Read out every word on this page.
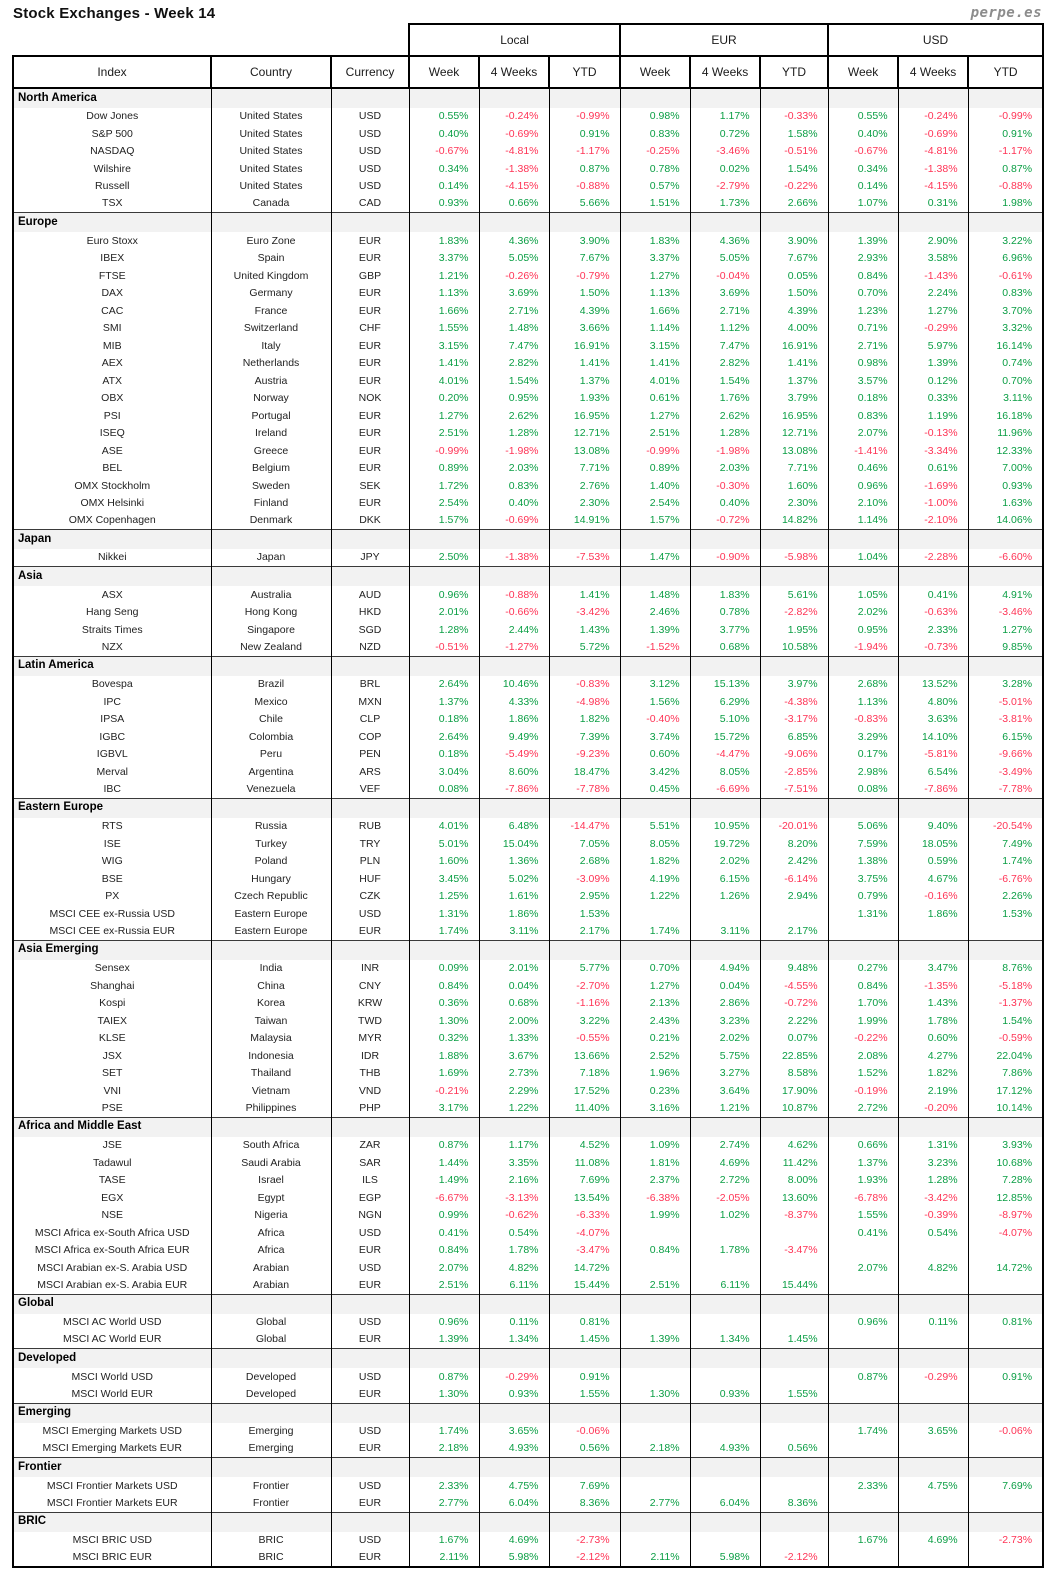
Stock Exchanges - Week 14	perpe.es
			Local			EUR			USD		
Index	Country	Currency	Week	4 Weeks	YTD	Week	4 Weeks	YTD	Week	4 Weeks	YTD
North America											
Dow Jones	United States	USD	0.55%	-0.24%	-0.99%	0.98%	1.17%	-0.33%	0.55%	-0.24%	-0.99%
S&P 500	United States	USD	0.40%	-0.69%	0.91%	0.83%	0.72%	1.58%	0.40%	-0.69%	0.91%
NASDAQ	United States	USD	-0.67%	-4.81%	-1.17%	-0.25%	-3.46%	-0.51%	-0.67%	-4.81%	-1.17%
Wilshire	United States	USD	0.34%	-1.38%	0.87%	0.78%	0.02%	1.54%	0.34%	-1.38%	0.87%
Russell	United States	USD	0.14%	-4.15%	-0.88%	0.57%	-2.79%	-0.22%	0.14%	-4.15%	-0.88%
TSX	Canada	CAD	0.93%	0.66%	5.66%	1.51%	1.73%	2.66%	1.07%	0.31%	1.98%
Europe											
Euro Stoxx	Euro Zone	EUR	1.83%	4.36%	3.90%	1.83%	4.36%	3.90%	1.39%	2.90%	3.22%
IBEX	Spain	EUR	3.37%	5.05%	7.67%	3.37%	5.05%	7.67%	2.93%	3.58%	6.96%
FTSE	United Kingdom	GBP	1.21%	-0.26%	-0.79%	1.27%	-0.04%	0.05%	0.84%	-1.43%	-0.61%
DAX	Germany	EUR	1.13%	3.69%	1.50%	1.13%	3.69%	1.50%	0.70%	2.24%	0.83%
CAC	France	EUR	1.66%	2.71%	4.39%	1.66%	2.71%	4.39%	1.23%	1.27%	3.70%
SMI	Switzerland	CHF	1.55%	1.48%	3.66%	1.14%	1.12%	4.00%	0.71%	-0.29%	3.32%
MIB	Italy	EUR	3.15%	7.47%	16.91%	3.15%	7.47%	16.91%	2.71%	5.97%	16.14%
AEX	Netherlands	EUR	1.41%	2.82%	1.41%	1.41%	2.82%	1.41%	0.98%	1.39%	0.74%
ATX	Austria	EUR	4.01%	1.54%	1.37%	4.01%	1.54%	1.37%	3.57%	0.12%	0.70%
OBX	Norway	NOK	0.20%	0.95%	1.93%	0.61%	1.76%	3.79%	0.18%	0.33%	3.11%
PSI	Portugal	EUR	1.27%	2.62%	16.95%	1.27%	2.62%	16.95%	0.83%	1.19%	16.18%
ISEQ	Ireland	EUR	2.51%	1.28%	12.71%	2.51%	1.28%	12.71%	2.07%	-0.13%	11.96%
ASE	Greece	EUR	-0.99%	-1.98%	13.08%	-0.99%	-1.98%	13.08%	-1.41%	-3.34%	12.33%
BEL	Belgium	EUR	0.89%	2.03%	7.71%	0.89%	2.03%	7.71%	0.46%	0.61%	7.00%
OMX Stockholm	Sweden	SEK	1.72%	0.83%	2.76%	1.40%	-0.30%	1.60%	0.96%	-1.69%	0.93%
OMX Helsinki	Finland	EUR	2.54%	0.40%	2.30%	2.54%	0.40%	2.30%	2.10%	-1.00%	1.63%
OMX Copenhagen	Denmark	DKK	1.57%	-0.69%	14.91%	1.57%	-0.72%	14.82%	1.14%	-2.10%	14.06%
Japan											
Nikkei	Japan	JPY	2.50%	-1.38%	-7.53%	1.47%	-0.90%	-5.98%	1.04%	-2.28%	-6.60%
Asia											
ASX	Australia	AUD	0.96%	-0.88%	1.41%	1.48%	1.83%	5.61%	1.05%	0.41%	4.91%
Hang Seng	Hong Kong	HKD	2.01%	-0.66%	-3.42%	2.46%	0.78%	-2.82%	2.02%	-0.63%	-3.46%
Straits Times	Singapore	SGD	1.28%	2.44%	1.43%	1.39%	3.77%	1.95%	0.95%	2.33%	1.27%
NZX	New Zealand	NZD	-0.51%	-1.27%	5.72%	-1.52%	0.68%	10.58%	-1.94%	-0.73%	9.85%
Latin America											
Bovespa	Brazil	BRL	2.64%	10.46%	-0.83%	3.12%	15.13%	3.97%	2.68%	13.52%	3.28%
IPC	Mexico	MXN	1.37%	4.33%	-4.98%	1.56%	6.29%	-4.38%	1.13%	4.80%	-5.01%
IPSA	Chile	CLP	0.18%	1.86%	1.82%	-0.40%	5.10%	-3.17%	-0.83%	3.63%	-3.81%
IGBC	Colombia	COP	2.64%	9.49%	7.39%	3.74%	15.72%	6.85%	3.29%	14.10%	6.15%
IGBVL	Peru	PEN	0.18%	-5.49%	-9.23%	0.60%	-4.47%	-9.06%	0.17%	-5.81%	-9.66%
Merval	Argentina	ARS	3.04%	8.60%	18.47%	3.42%	8.05%	-2.85%	2.98%	6.54%	-3.49%
IBC	Venezuela	VEF	0.08%	-7.86%	-7.78%	0.45%	-6.69%	-7.51%	0.08%	-7.86%	-7.78%
Eastern Europe											
RTS	Russia	RUB	4.01%	6.48%	-14.47%	5.51%	10.95%	-20.01%	5.06%	9.40%	-20.54%
ISE	Turkey	TRY	5.01%	15.04%	7.05%	8.05%	19.72%	8.20%	7.59%	18.05%	7.49%
WIG	Poland	PLN	1.60%	1.36%	2.68%	1.82%	2.02%	2.42%	1.38%	0.59%	1.74%
BSE	Hungary	HUF	3.45%	5.02%	-3.09%	4.19%	6.15%	-6.14%	3.75%	4.67%	-6.76%
PX	Czech Republic	CZK	1.25%	1.61%	2.95%	1.22%	1.26%	2.94%	0.79%	-0.16%	2.26%
MSCI CEE ex-Russia USD	Eastern Europe	USD	1.31%	1.86%	1.53%				1.31%	1.86%	1.53%
MSCI CEE ex-Russia EUR	Eastern Europe	EUR	1.74%	3.11%	2.17%	1.74%	3.11%	2.17%			
Asia Emerging											
Sensex	India	INR	0.09%	2.01%	5.77%	0.70%	4.94%	9.48%	0.27%	3.47%	8.76%
Shanghai	China	CNY	0.84%	0.04%	-2.70%	1.27%	0.04%	-4.55%	0.84%	-1.35%	-5.18%
Kospi	Korea	KRW	0.36%	0.68%	-1.16%	2.13%	2.86%	-0.72%	1.70%	1.43%	-1.37%
TAIEX	Taiwan	TWD	1.30%	2.00%	3.22%	2.43%	3.23%	2.22%	1.99%	1.78%	1.54%
KLSE	Malaysia	MYR	0.32%	1.33%	-0.55%	0.21%	2.02%	0.07%	-0.22%	0.60%	-0.59%
JSX	Indonesia	IDR	1.88%	3.67%	13.66%	2.52%	5.75%	22.85%	2.08%	4.27%	22.04%
SET	Thailand	THB	1.69%	2.73%	7.18%	1.96%	3.27%	8.58%	1.52%	1.82%	7.86%
VNI	Vietnam	VND	-0.21%	2.29%	17.52%	0.23%	3.64%	17.90%	-0.19%	2.19%	17.12%
PSE	Philippines	PHP	3.17%	1.22%	11.40%	3.16%	1.21%	10.87%	2.72%	-0.20%	10.14%
Africa and Middle East											
JSE	South Africa	ZAR	0.87%	1.17%	4.52%	1.09%	2.74%	4.62%	0.66%	1.31%	3.93%
Tadawul	Saudi Arabia	SAR	1.44%	3.35%	11.08%	1.81%	4.69%	11.42%	1.37%	3.23%	10.68%
TASE	Israel	ILS	1.49%	2.16%	7.69%	2.37%	2.72%	8.00%	1.93%	1.28%	7.28%
EGX	Egypt	EGP	-6.67%	-3.13%	13.54%	-6.38%	-2.05%	13.60%	-6.78%	-3.42%	12.85%
NSE	Nigeria	NGN	0.99%	-0.62%	-6.33%	1.99%	1.02%	-8.37%	1.55%	-0.39%	-8.97%
MSCI Africa ex-South Africa USD	Africa	USD	0.41%	0.54%	-4.07%				0.41%	0.54%	-4.07%
MSCI Africa ex-South Africa EUR	Africa	EUR	0.84%	1.78%	-3.47%	0.84%	1.78%	-3.47%			
MSCI Arabian ex-S. Arabia USD	Arabian	USD	2.07%	4.82%	14.72%				2.07%	4.82%	14.72%
MSCI Arabian ex-S. Arabia EUR	Arabian	EUR	2.51%	6.11%	15.44%	2.51%	6.11%	15.44%			
Global											
MSCI AC World USD	Global	USD	0.96%	0.11%	0.81%				0.96%	0.11%	0.81%
MSCI AC World EUR	Global	EUR	1.39%	1.34%	1.45%	1.39%	1.34%	1.45%			
Developed											
MSCI World USD	Developed	USD	0.87%	-0.29%	0.91%				0.87%	-0.29%	0.91%
MSCI World EUR	Developed	EUR	1.30%	0.93%	1.55%	1.30%	0.93%	1.55%			
Emerging											
MSCI Emerging Markets USD	Emerging	USD	1.74%	3.65%	-0.06%				1.74%	3.65%	-0.06%
MSCI Emerging Markets EUR	Emerging	EUR	2.18%	4.93%	0.56%	2.18%	4.93%	0.56%			
Frontier											
MSCI Frontier Markets USD	Frontier	USD	2.33%	4.75%	7.69%				2.33%	4.75%	7.69%
MSCI Frontier Markets EUR	Frontier	EUR	2.77%	6.04%	8.36%	2.77%	6.04%	8.36%			
BRIC											
MSCI BRIC USD	BRIC	USD	1.67%	4.69%	-2.73%				1.67%	4.69%	-2.73%
MSCI BRIC EUR	BRIC	EUR	2.11%	5.98%	-2.12%	2.11%	5.98%	-2.12%			
